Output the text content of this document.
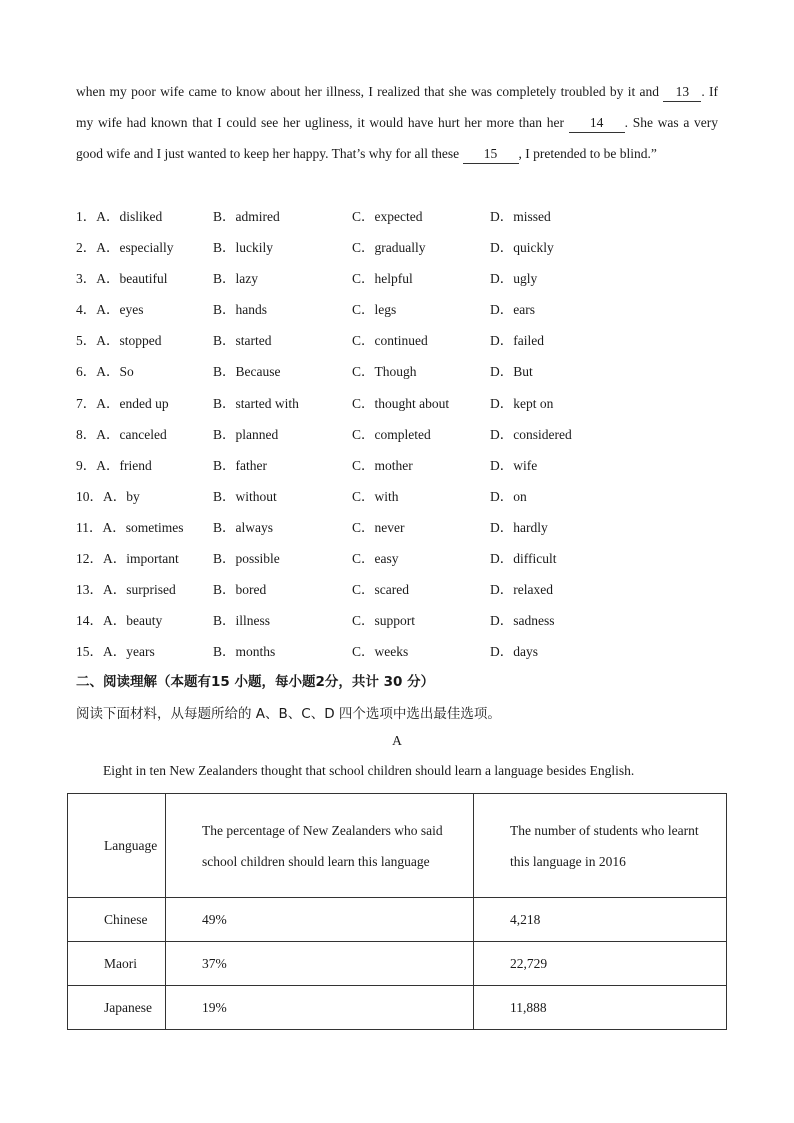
when my poor wife came to know about her illness, I realized that she was completely troubled by it and 13 . If my wife had known that I could see her ugliness, it would have hurt her more than her 14 . She was a very good wife and I just wanted to keep her happy. That’s why for all these 15 , I pretended to be blind.”
1．A．disliked	B．admired	C．expected	D．missed
2．A．especially	B．luckily	C．gradually	D．quickly
3．A．beautiful	B．lazy	C．helpful	D．ugly
4．A．eyes	B．hands	C．legs	D．ears
5．A．stopped	B．started	C．continued	D．failed
6．A．So	B．Because	C．Though	D．But
7．A．ended up	B．started with	C．thought about	D．kept on
8．A．canceled	B．planned	C．completed	D．considered
9．A．friend	B．father	C．mother	D．wife
10．A．by	B．without	C．with	D．on
11．A．sometimes B．always	C．never	D．hardly
12．A．important	B．possible	C．easy	D．difficult
13．A．surprised	B．bored	C．scared	D．relaxed
14．A．beauty	B．illness	C．support	D．sadness
15．A．years	B．months	C．weeks	D．days
二、阅读理解（本题有15 小题，每小题2分，共计 30 分）
阅读下面材料，从每题所给的 A、B、C、D 四个选项中选出最佳选项。
A
Eight in ten New Zealanders thought that school children should learn a language besides English.
Language	The percentage of New Zealanders who said school children should learn this language	The number of students who learnt this language in 2016

Chinese	49%	4,218
Maori	37%	22,729
Japanese	19%	11,888
